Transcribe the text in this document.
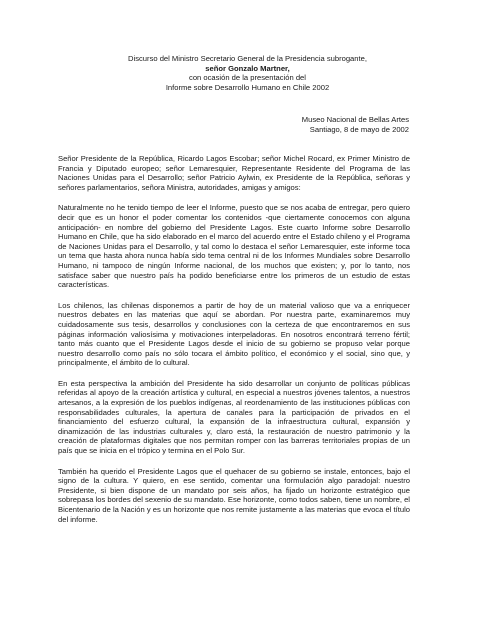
Discurso del Ministro Secretario General de la Presidencia subrogante,
señor Gonzalo Martner,
con ocasión de la presentación del
Informe sobre Desarrollo Humano en Chile 2002
Museo Nacional de Bellas Artes
Santiago, 8 de mayo de 2002

Señor Presidente de la República, Ricardo Lagos Escobar; señor Michel Rocard, ex Primer Ministro de Francia y Diputado europeo; señor Lemaresquier, Representante Residente del Programa de las Naciones Unidas para el Desarrollo; señor Patricio Aylwin, ex Presidente de la República, señoras y señores parlamentarios, señora Ministra, autoridades, amigas y amigos:

Naturalmente no he tenido tiempo de leer el Informe, puesto que se nos acaba de entregar, pero quiero decir que es un honor el poder comentar los contenidos -que ciertamente conocemos con alguna anticipación- en nombre del gobierno del Presidente Lagos. Este cuarto Informe sobre Desarrollo Humano en Chile, que ha sido elaborado en el marco del acuerdo entre el Estado chileno y el Programa de Naciones Unidas para el Desarrollo, y tal como lo destaca el señor Lemaresquier, este informe toca un tema que hasta ahora nunca había sido tema central ni de los Informes Mundiales sobre Desarrollo Humano, ni tampoco de ningún Informe nacional, de los muchos que existen; y, por lo tanto, nos satisface saber que nuestro país ha podido beneficiarse entre los primeros de un estudio de estas características.

Los chilenos, las chilenas disponemos a partir de hoy de un material valioso que va a enriquecer nuestros debates en las materias que aquí se abordan. Por nuestra parte, examinaremos muy cuidadosamente sus tesis, desarrollos y conclusiones con la certeza de que encontraremos en sus páginas información valiosísima y motivaciones interpeladoras. En nosotros encontrará terreno fértil; tanto más cuanto que el Presidente Lagos desde el inicio de su gobierno se propuso velar porque nuestro desarrollo como país no sólo tocara el ámbito político, el económico y el social, sino que, y principalmente, el ámbito de lo cultural.

En esta perspectiva la ambición del Presidente ha sido desarrollar un conjunto de políticas públicas referidas al apoyo de la creación artística y cultural, en especial a nuestros jóvenes talentos, a nuestros artesanos, a la expresión de los pueblos indígenas, al reordenamiento de las instituciones públicas con responsabilidades culturales, la apertura de canales para la participación de privados en el financiamiento del esfuerzo cultural, la expansión de la infraestructura cultural, expansión y dinamización de las industrias culturales y, claro está, la restauración de nuestro patrimonio y la creación de plataformas digitales que nos permitan romper con las barreras territoriales propias de un país que se inicia en el trópico y termina en el Polo Sur.

También ha querido el Presidente Lagos que el quehacer de su gobierno se instale, entonces, bajo el signo de la cultura. Y quiero, en ese sentido, comentar una formulación algo paradojal: nuestro Presidente, si bien dispone de un mandato por seis años, ha fijado un horizonte estratégico que sobrepasa los bordes del sexenio de su mandato. Ese horizonte, como todos saben, tiene un nombre, el Bicentenario de la Nación y es un horizonte que nos remite justamente a las materias que evoca el título del informe.
